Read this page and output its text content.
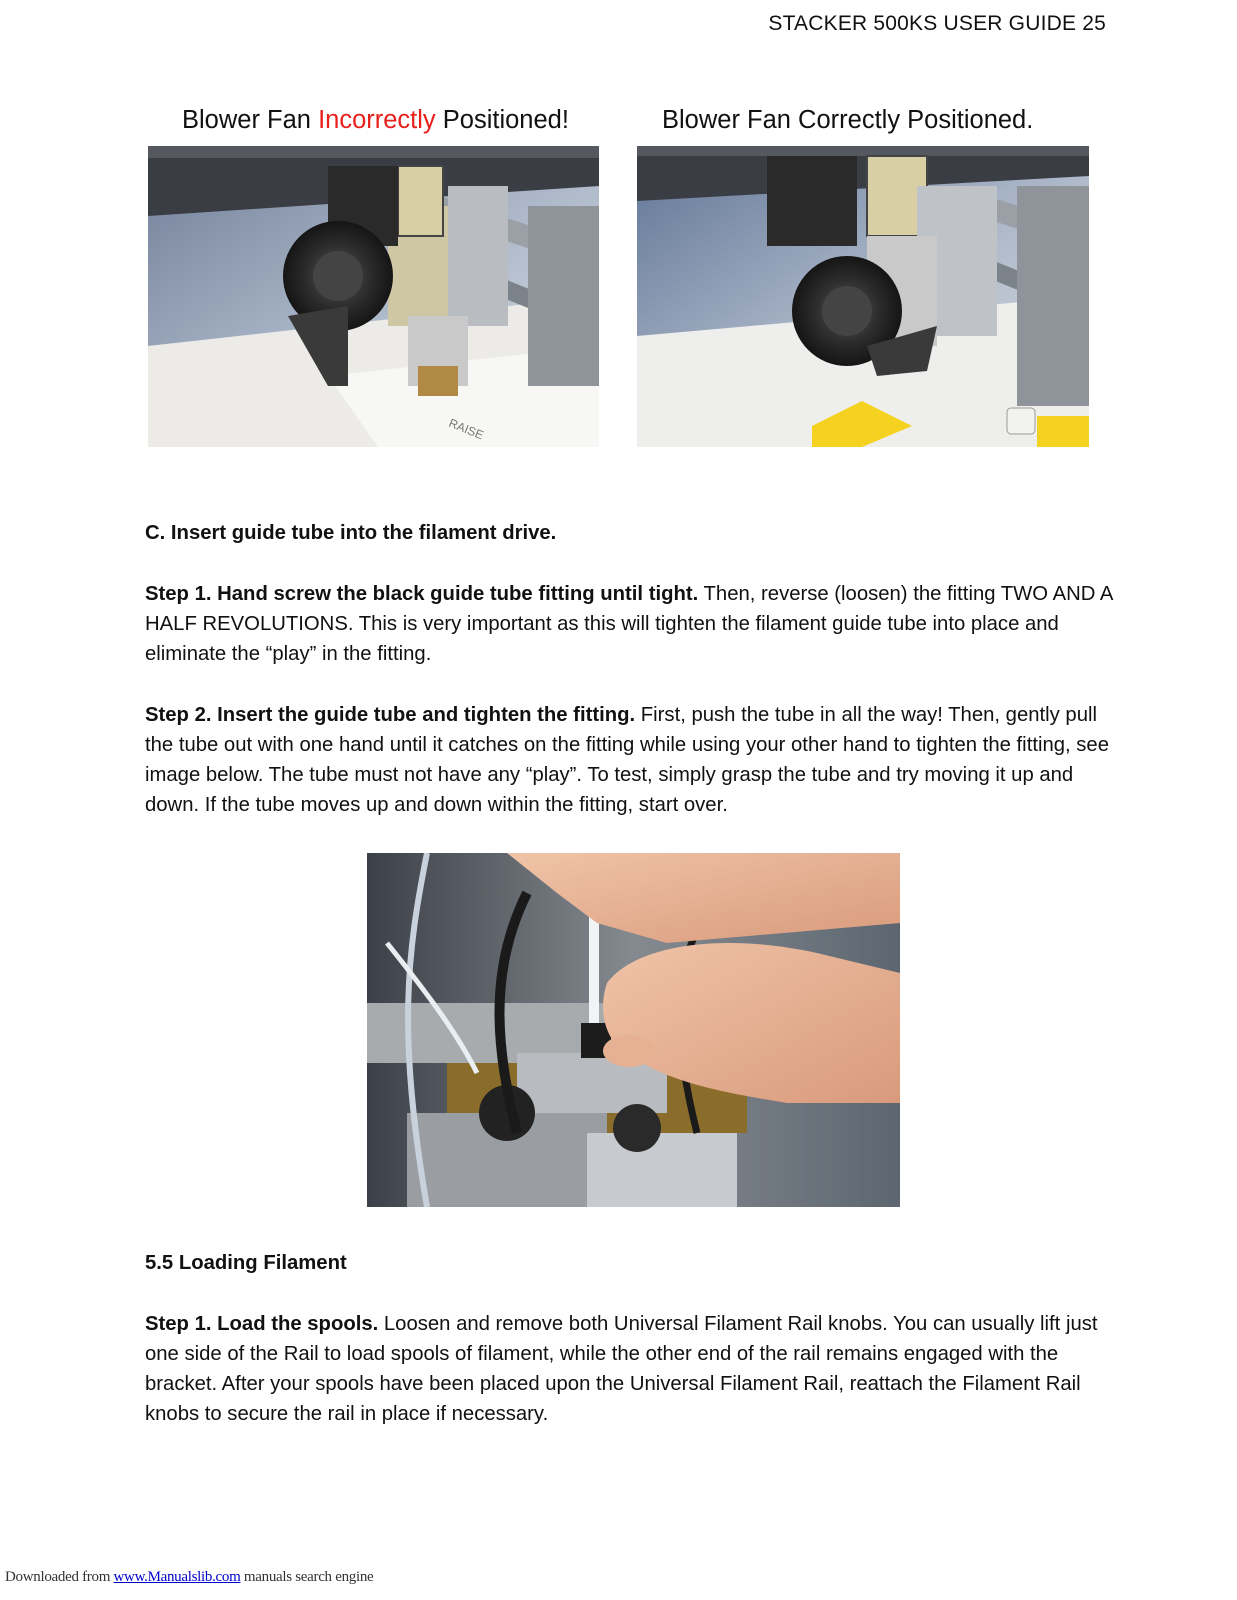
STACKER 500KS USER GUIDE 25
Blower Fan Incorrectly Positioned!	Blower Fan Correctly Positioned.
RAISE
C. Insert guide tube into the filament drive.
Step 1. Hand screw the black guide tube fitting until tight. Then, reverse (loosen) the fitting TWO AND A HALF REVOLUTIONS. This is very important as this will tighten the filament guide tube into place and eliminate the “play” in the fitting.
Step 2. Insert the guide tube and tighten the fitting. First, push the tube in all the way! Then, gently pull the tube out with one hand until it catches on the fitting while using your other hand to tighten the fitting, see image below. The tube must not have any “play”. To test, simply grasp the tube and try moving it up and down. If the tube moves up and down within the fitting, start over.
5.5 Loading Filament
Step 1. Load the spools. Loosen and remove both Universal Filament Rail knobs. You can usually lift just one side of the Rail to load spools of filament, while the other end of the rail remains engaged with the bracket. After your spools have been placed upon the Universal Filament Rail, reattach the Filament Rail knobs to secure the rail in place if necessary.
Downloaded from www.Manualslib.com manuals search engine
